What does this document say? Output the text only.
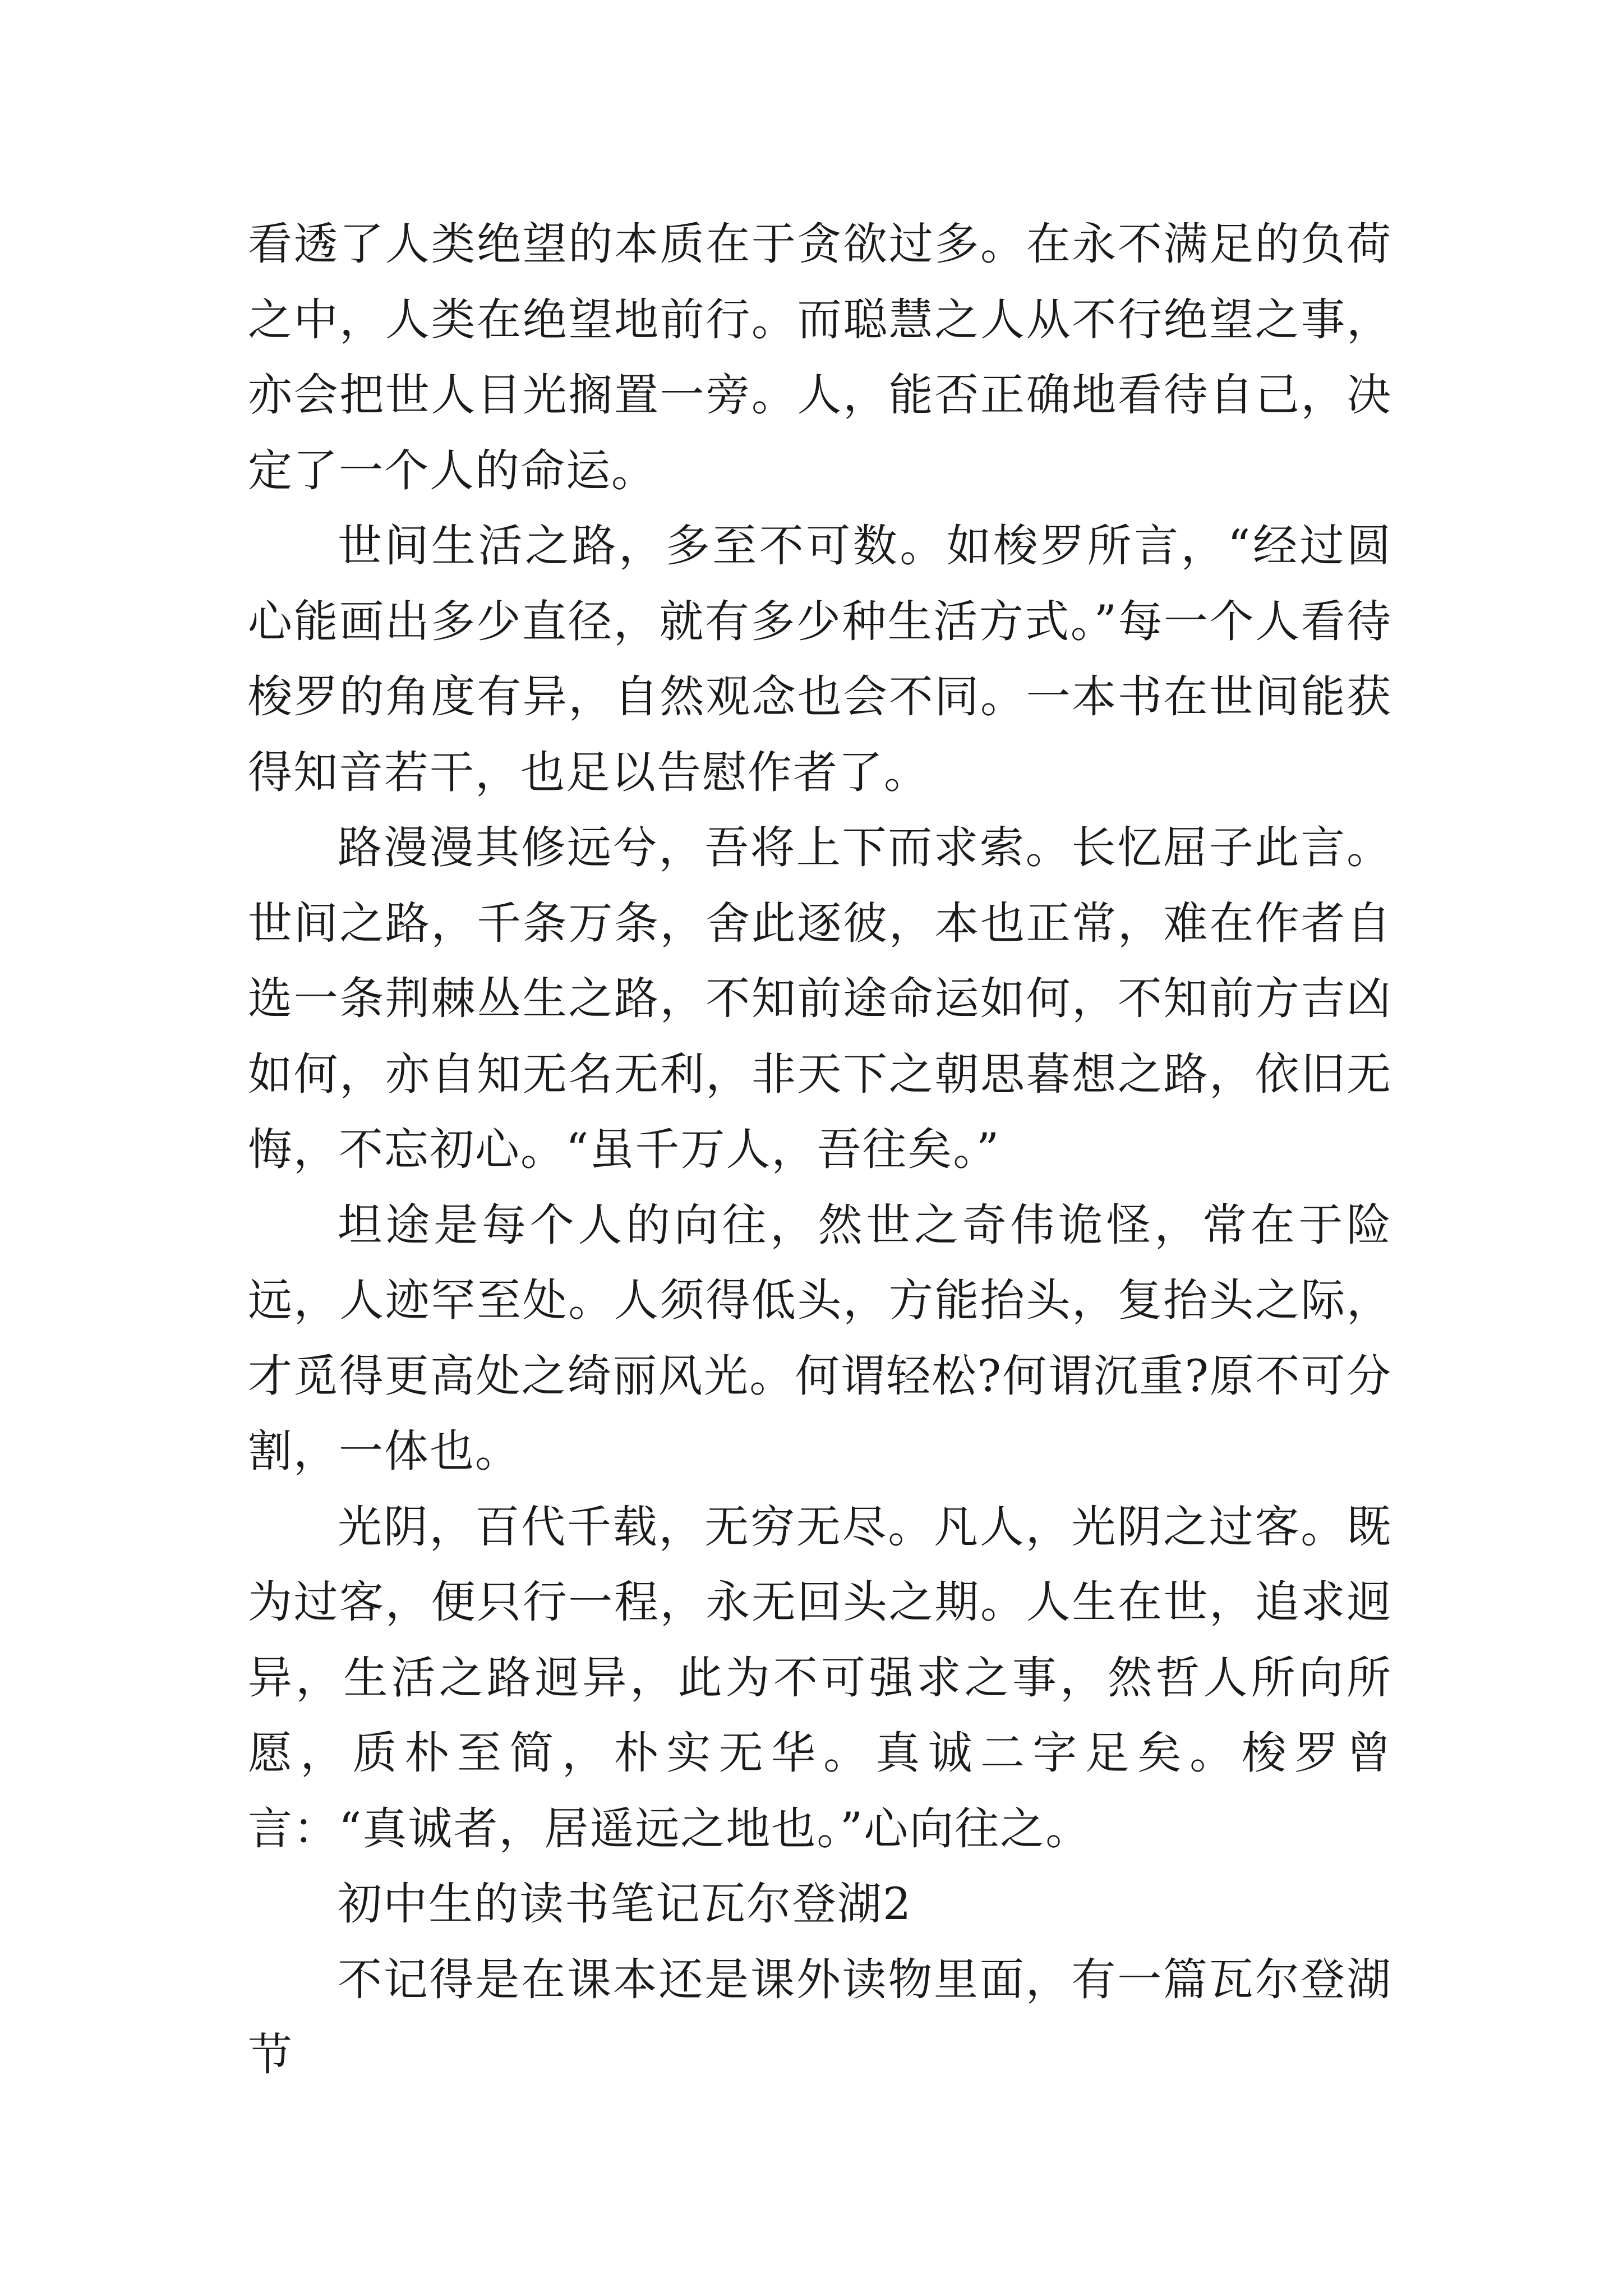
看透了人类绝望的本质在于贪欲过多。在永不满足的负荷之中，人类在绝望地前行。而聪慧之人从不行绝望之事，亦会把世人目光搁置一旁。人，能否正确地看待自己，决定了一个人的命运。

世间生活之路，多至不可数。如梭罗所言，“经过圆心能画出多少直径，就有多少种生活方式。”每一个人看待梭罗的角度有异，自然观念也会不同。一本书在世间能获得知音若干，也足以告慰作者了。

路漫漫其修远兮，吾将上下而求索。长忆屈子此言。世间之路，千条万条，舍此逐彼，本也正常，难在作者自选一条荆棘丛生之路，不知前途命运如何，不知前方吉凶如何，亦自知无名无利，非天下之朝思暮想之路，依旧无悔，不忘初心。“虽千万人，吾往矣。”

坦途是每个人的向往，然世之奇伟诡怪，常在于险远，人迹罕至处。人须得低头，方能抬头，复抬头之际，才觅得更高处之绮丽风光。何谓轻松?何谓沉重?原不可分割，一体也。

光阴，百代千载，无穷无尽。凡人，光阴之过客。既为过客，便只行一程，永无回头之期。人生在世，追求迥异，生活之路迥异，此为不可强求之事，然哲人所向所愿，质朴至简，朴实无华。真诚二字足矣。梭罗曾言：“真诚者，居遥远之地也。”心向往之。

初中生的读书笔记瓦尔登湖2

不记得是在课本还是课外读物里面，有一篇瓦尔登湖节
